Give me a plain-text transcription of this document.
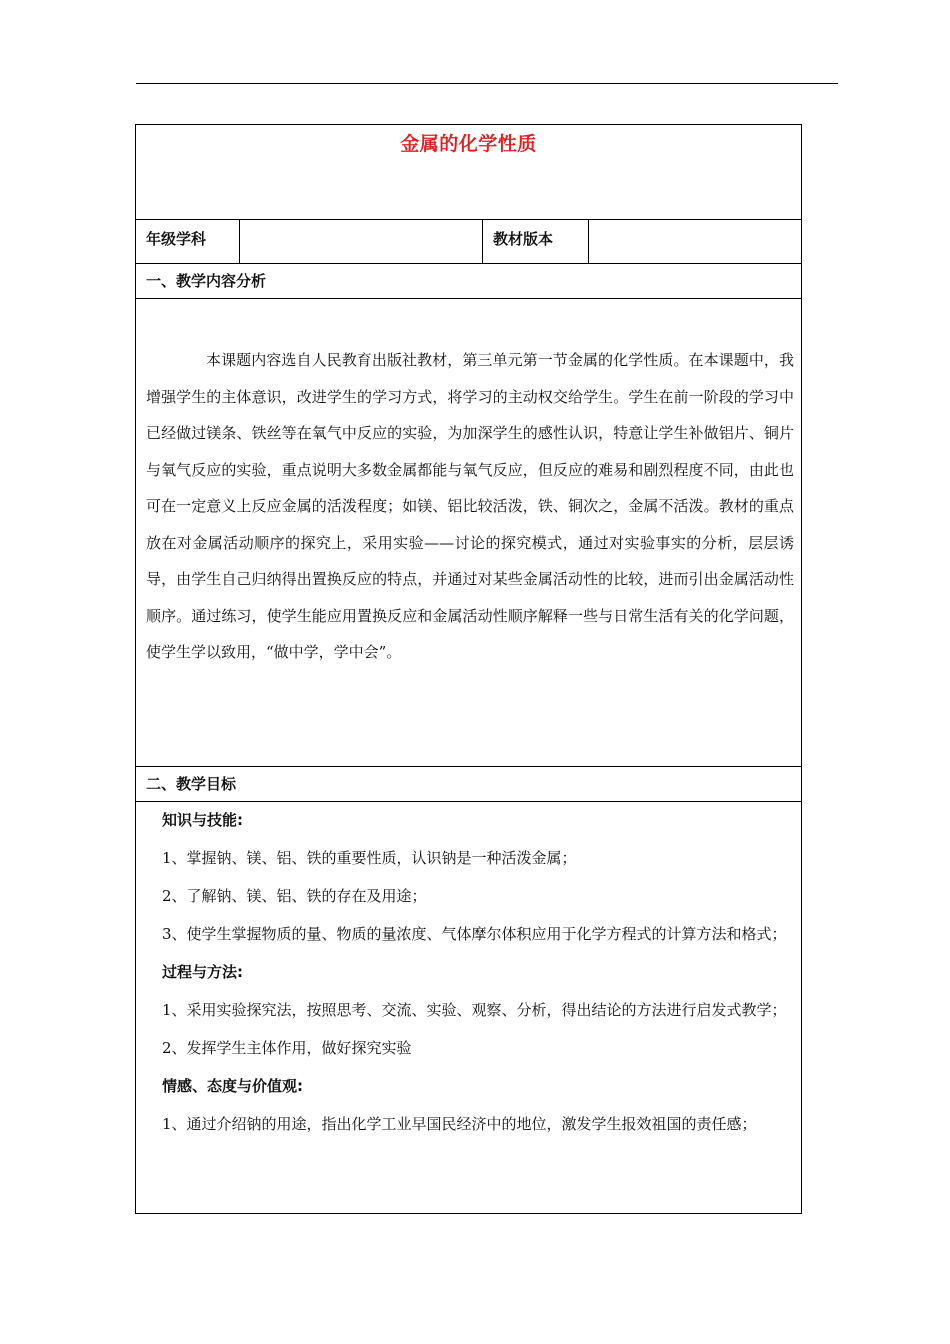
金属的化学性质
年级学科	教材版本
一、教学内容分析
本课题内容选自人民教育出版社教材，第三单元第一节金属的化学性质。在本课题中，我增强学生的主体意识，改进学生的学习方式，将学习的主动权交给学生。学生在前一阶段的学习中已经做过镁条、铁丝等在氧气中反应的实验，为加深学生的感性认识，特意让学生补做铝片、铜片与氧气反应的实验，重点说明大多数金属都能与氧气反应，但反应的难易和剧烈程度不同，由此也可在一定意义上反应金属的活泼程度；如镁、铝比较活泼，铁、铜次之，金属不活泼。教材的重点放在对金属活动顺序的探究上，采用实验——讨论的探究模式，通过对实验事实的分析，层层诱导，由学生自己归纳得出置换反应的特点，并通过对某些金属活动性的比较，进而引出金属活动性顺序。通过练习，使学生能应用置换反应和金属活动性顺序解释一些与日常生活有关的化学问题，使学生学以致用，“做中学，学中会”。
二、教学目标
知识与技能:
1、掌握钠、镁、铝、铁的重要性质，认识钠是一种活泼金属；
2、了解钠、镁、铝、铁的存在及用途；
3、使学生掌握物质的量、物质的量浓度、气体摩尔体积应用于化学方程式的计算方法和格式；
过程与方法:
1、采用实验探究法，按照思考、交流、实验、观察、分析，得出结论的方法进行启发式教学；
2、发挥学生主体作用，做好探究实验
情感、态度与价值观:
1、通过介绍钠的用途，指出化学工业早国民经济中的地位，激发学生报效祖国的责任感；
